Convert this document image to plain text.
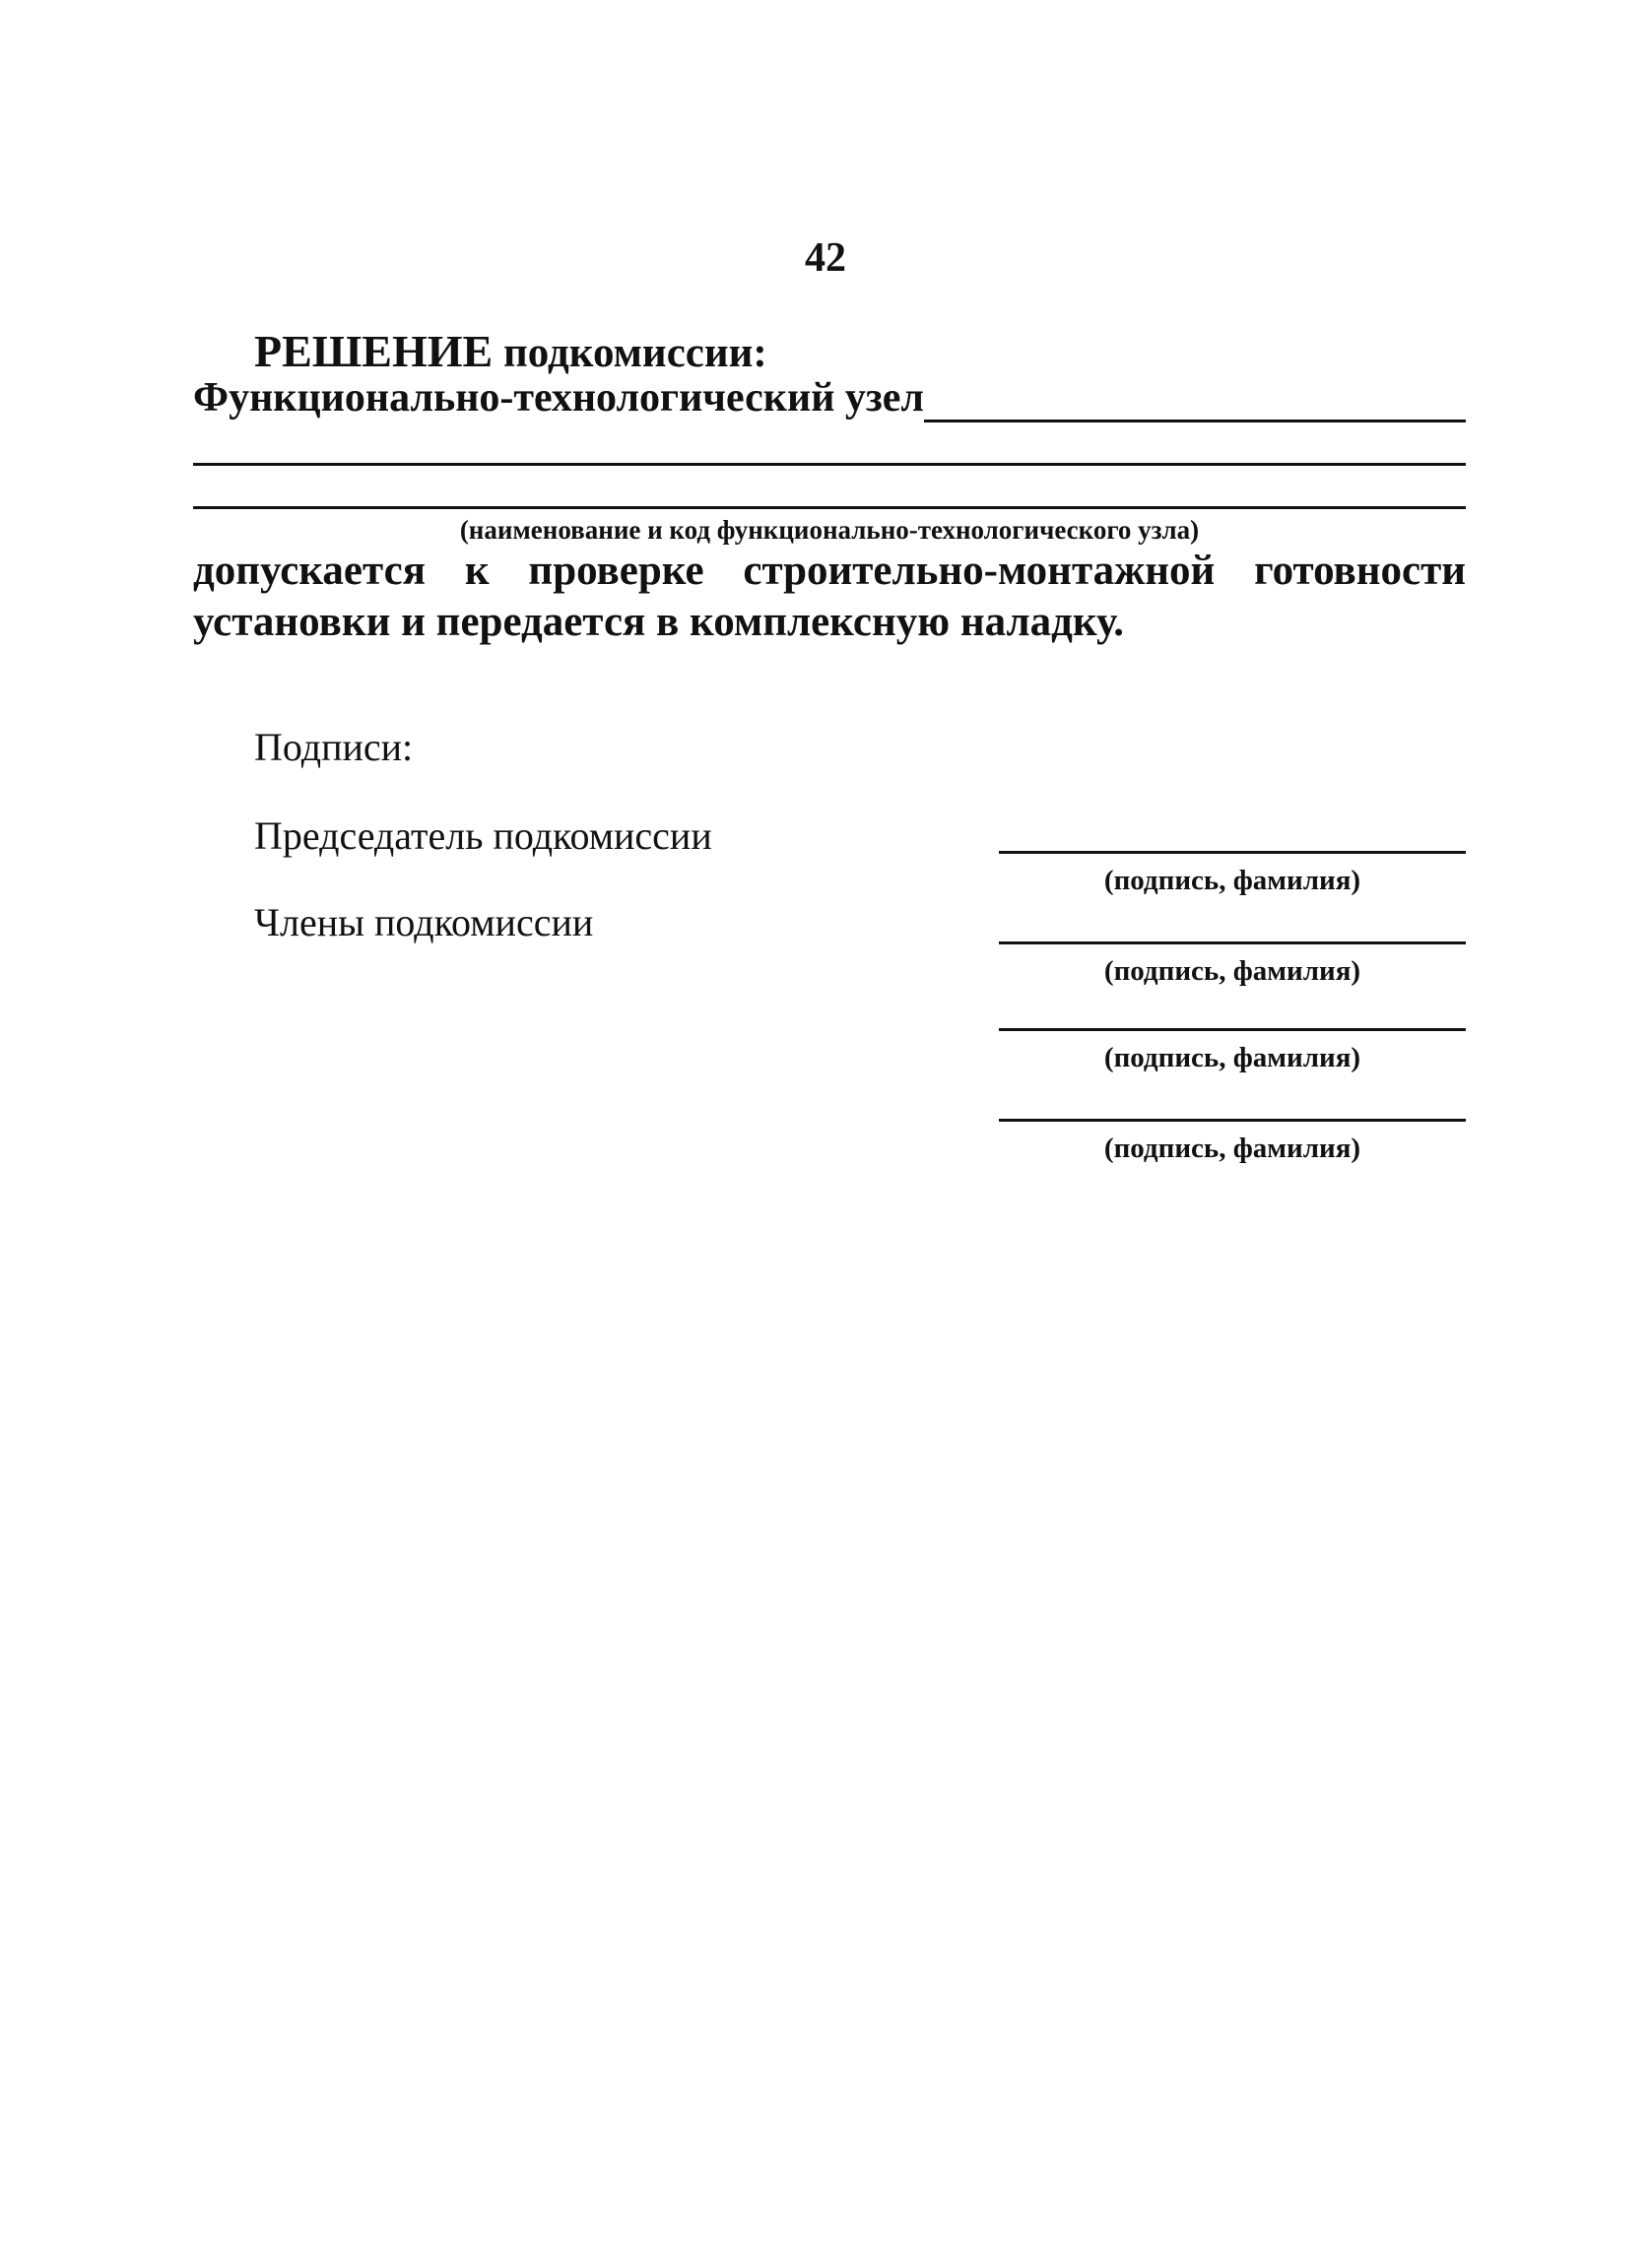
42
РЕШЕНИЕ подкомиссии:
Функционально-технологический узел
(наименование и код функционально-технологического узла)
допускается к проверке строительно-монтажной готовности установки и передается в комплексную наладку.
Подписи:
Председатель подкомиссии
Члены подкомиссии
(подпись, фамилия)
(подпись, фамилия)
(подпись, фамилия)
(подпись, фамилия)
